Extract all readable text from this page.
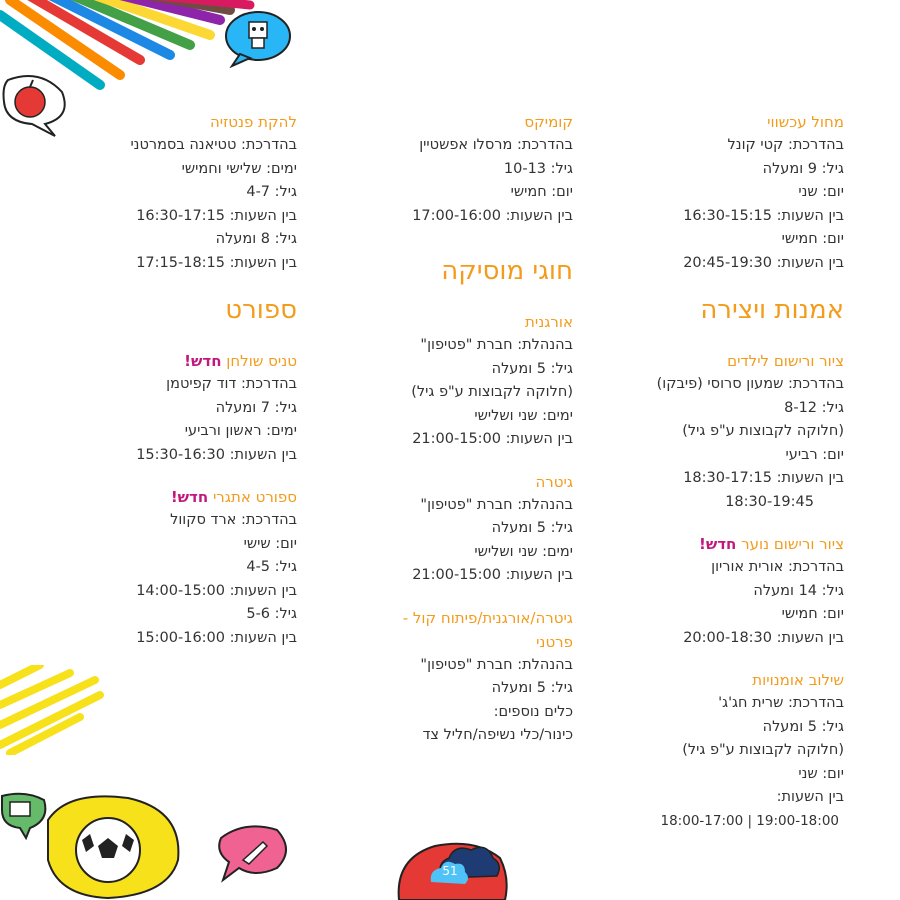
51
מחול עכשווי
בהדרכת: קטי קונל
גיל: 9 ומעלה
יום: שני
בין השעות: 16:30-15:15
יום: חמישי
בין השעות: 20:45-19:30
אמנות ויצירה
ציור ורישום לילדים
בהדרכת: שמעון סרוסי (פיבקו)
גיל: 8-12
(חלוקה לקבוצות ע"פ גיל)
יום: רביעי
בין השעות: 18:30-17:15
18:30-19:45
ציור ורישום נוער חדש!
בהדרכת: אורית אוריון
גיל: 14 ומעלה
יום: חמישי
בין השעות: 20:00-18:30
שילוב אומנויות
בהדרכת: שרית חג'ג'
גיל: 5 ומעלה
(חלוקה לקבוצות ע"פ גיל)
יום: שני
בין השעות:
18:00-17:00 | 19:00-18:00
קומיקס
בהדרכת: מרסלו אפשטיין
גיל: 10-13
יום: חמישי
בין השעות: 17:00-16:00
חוגי מוסיקה
אורגנית
בהנהלת: חברת "פטיפון"
גיל: 5 ומעלה
(חלוקה לקבוצות ע"פ גיל)
ימים: שני ושלישי
בין השעות: 21:00-15:00
גיטרה
בהנהלת: חברת "פטיפון"
גיל: 5 ומעלה
ימים: שני ושלישי
בין השעות: 21:00-15:00
גיטרה/אורגנית/פיתוח קול -
פרטני
בהנהלת: חברת "פטיפון"
גיל: 5 ומעלה
כלים נוספים:
כינור/כלי נשיפה/חליל צד
להקת פנטזיה
בהדרכת: טטיאנה בסמרטני
ימים: שלישי וחמישי
גיל: 4-7
בין השעות: 16:30-17:15
גיל: 8 ומעלה
בין השעות: 17:15-18:15
ספורט
טניס שולחן חדש!
בהדרכת: דוד קפיטמן
גיל: 7 ומעלה
ימים: ראשון ורביעי
בין השעות: 15:30-16:30
ספורט אתגרי חדש!
בהדרכת: ארד סקוול
יום: שישי
גיל: 4-5
בין השעות: 14:00-15:00
גיל: 5-6
בין השעות: 15:00-16:00
